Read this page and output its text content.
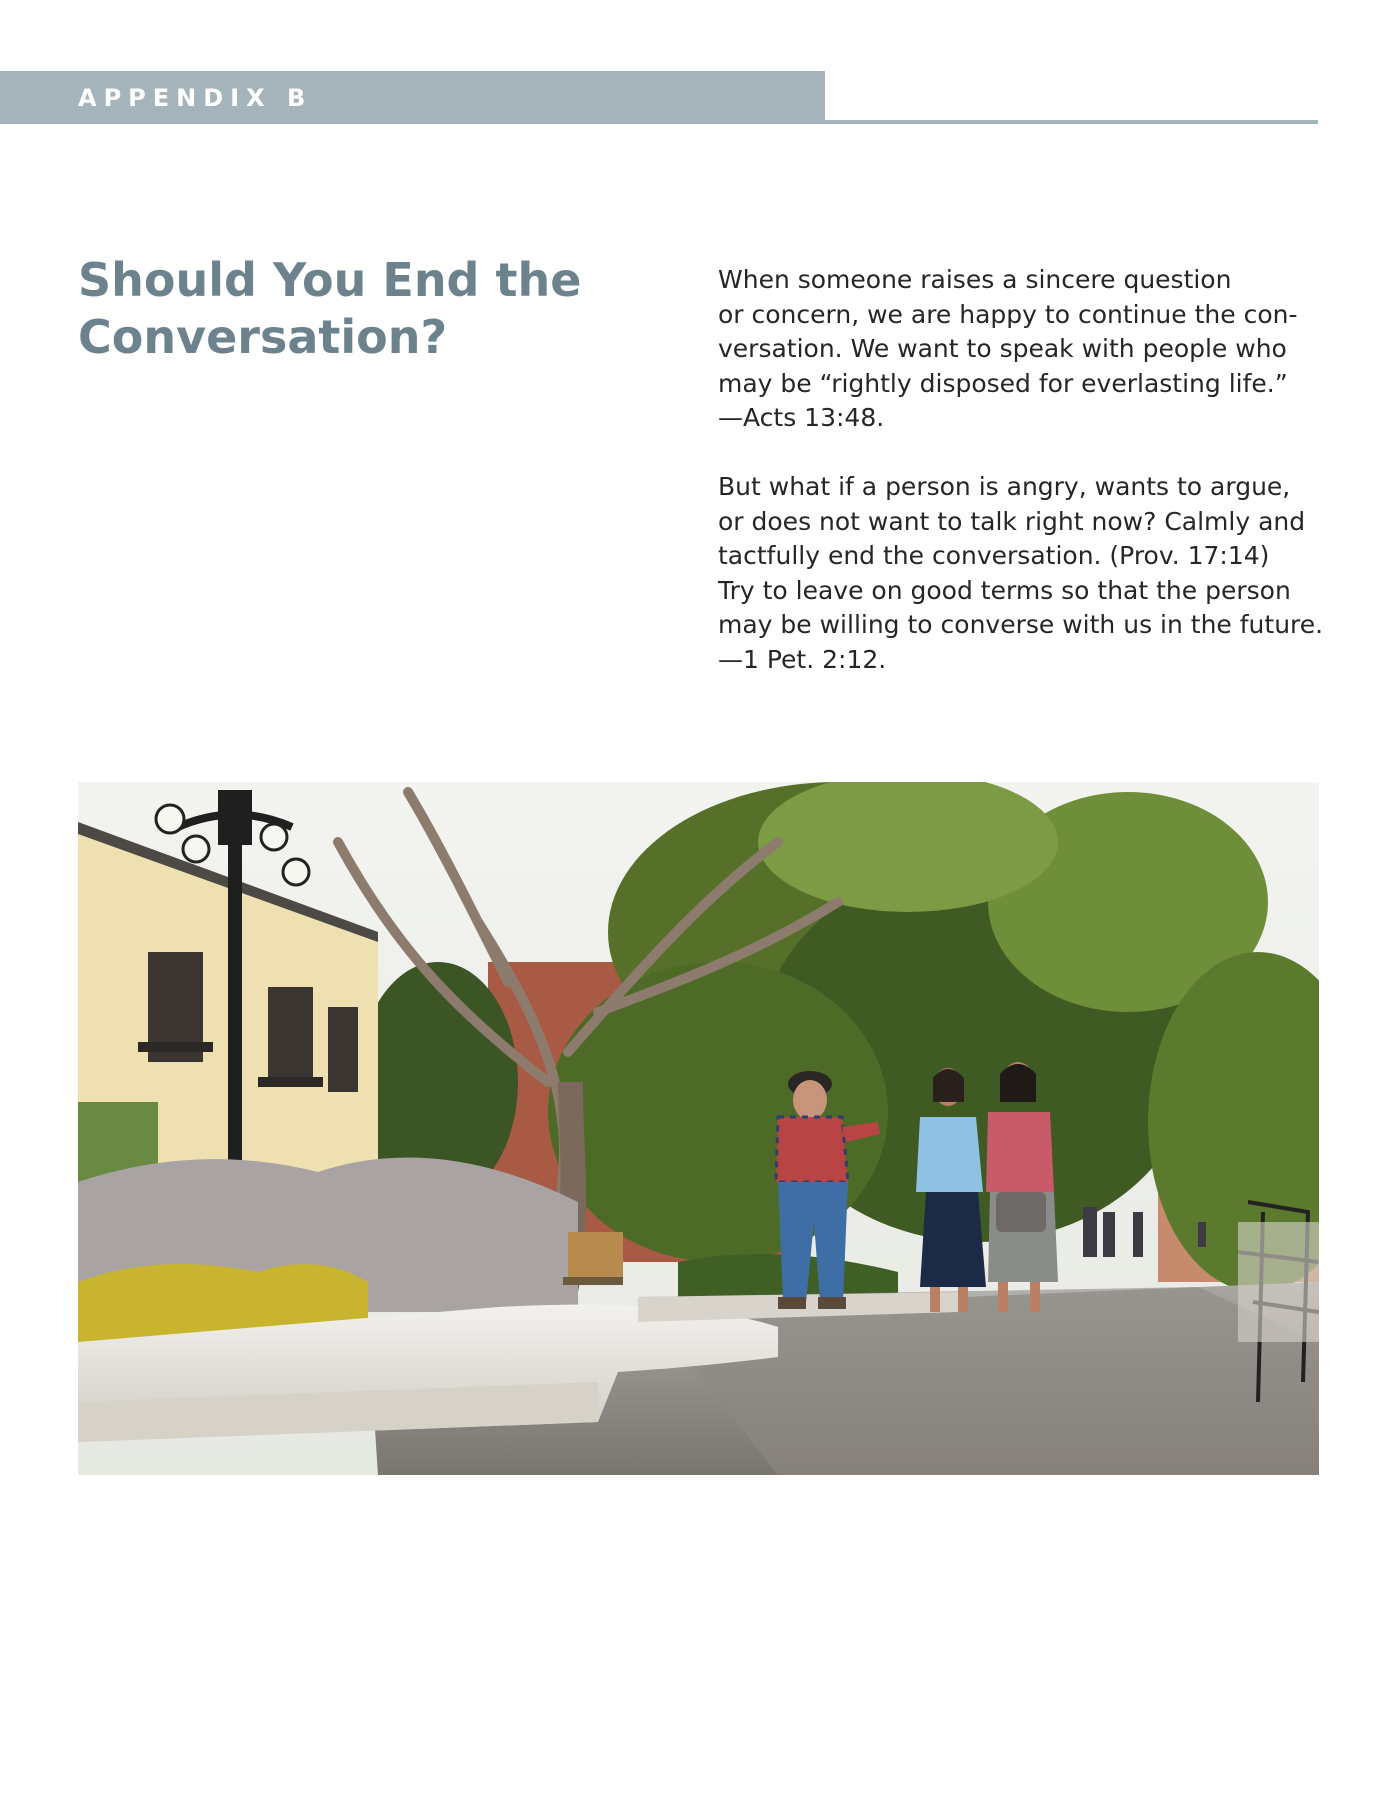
APPENDIX B

Should You End the
Conversation?

When someone raises a sincere question
or concern, we are happy to continue the con-
versation. We want to speak with people who
may be “rightly disposed for everlasting life.”
—Acts 13:48.

But what if a person is angry, wants to argue,
or does not want to talk right now? Calmly and
tactfully end the conversation. (Prov. 17:14)
Try to leave on good terms so that the person
may be willing to converse with us in the future.
—1 Pet. 2:12.
